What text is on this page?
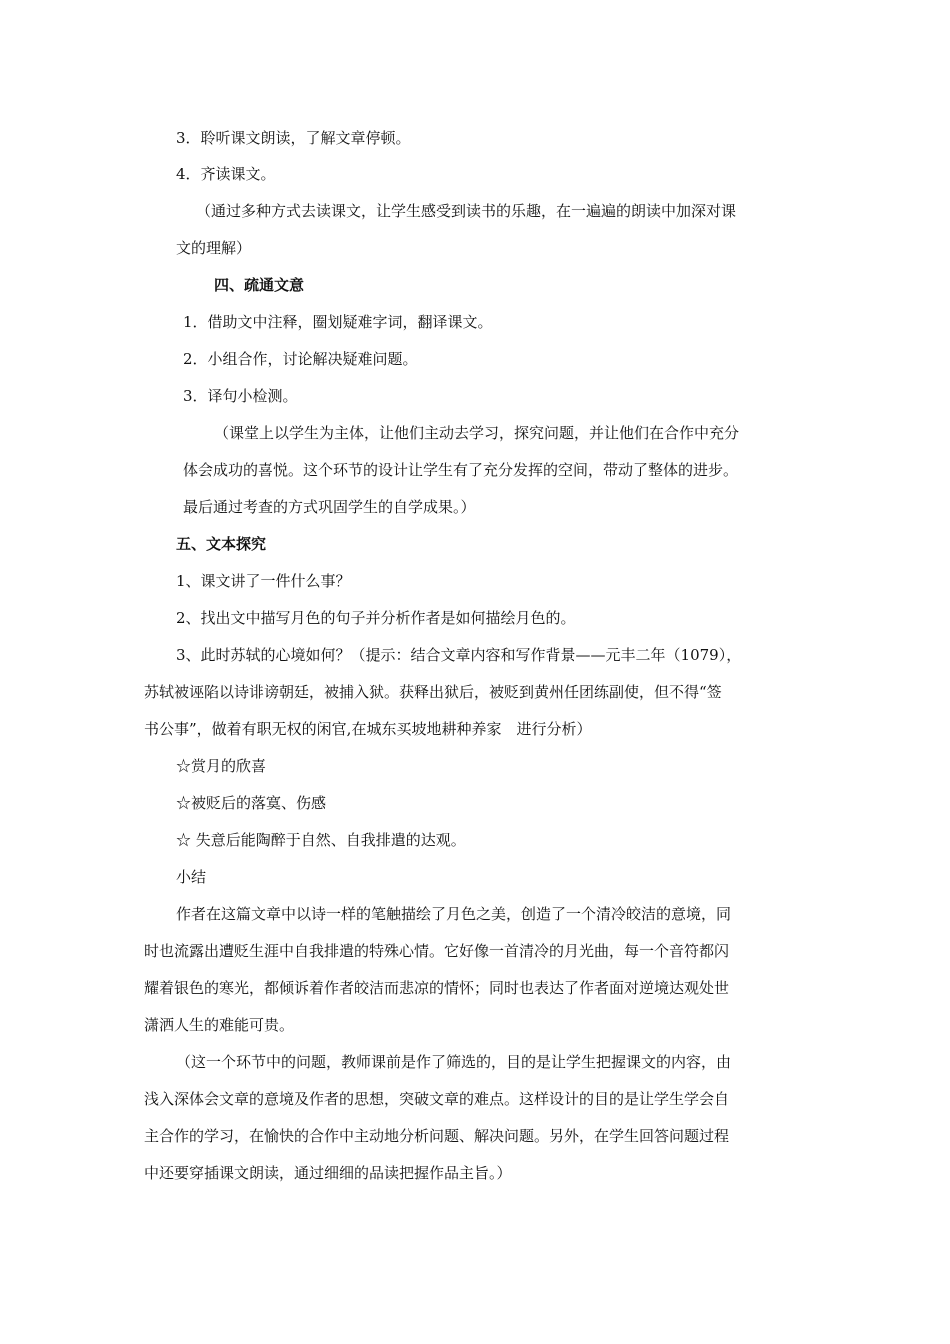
3．聆听课文朗读，了解文章停顿。
4．齐读课文。
（通过多种方式去读课文，让学生感受到读书的乐趣，在一遍遍的朗读中加深对课
文的理解）
四、疏通文意
1．借助文中注释，圈划疑难字词，翻译课文。
2．小组合作，讨论解决疑难问题。
3．译句小检测。
（课堂上以学生为主体，让他们主动去学习，探究问题，并让他们在合作中充分
体会成功的喜悦。这个环节的设计让学生有了充分发挥的空间，带动了整体的进步。
最后通过考查的方式巩固学生的自学成果。）
五、文本探究
1、课文讲了一件什么事？
2、找出文中描写月色的句子并分析作者是如何描绘月色的。
3、此时苏轼的心境如何？（提示：结合文章内容和写作背景——元丰二年（1079），
苏轼被诬陷以诗诽谤朝廷，被捕入狱。获释出狱后，被贬到黄州任团练副使，但不得“签
书公事”，做着有职无权的闲官,在城东买坡地耕种养家　进行分析）
☆赏月的欣喜
☆被贬后的落寞、伤感
☆ 失意后能陶醉于自然、自我排遣的达观。
小结
作者在这篇文章中以诗一样的笔触描绘了月色之美，创造了一个清冷皎洁的意境，同
时也流露出遭贬生涯中自我排遣的特殊心情。它好像一首清冷的月光曲，每一个音符都闪
耀着银色的寒光，都倾诉着作者皎洁而悲凉的情怀；同时也表达了作者面对逆境达观处世
潇洒人生的难能可贵。
（这一个环节中的问题，教师课前是作了筛选的，目的是让学生把握课文的内容，由
浅入深体会文章的意境及作者的思想，突破文章的难点。这样设计的目的是让学生学会自
主合作的学习，在愉快的合作中主动地分析问题、解决问题。另外，在学生回答问题过程
中还要穿插课文朗读，通过细细的品读把握作品主旨。）
